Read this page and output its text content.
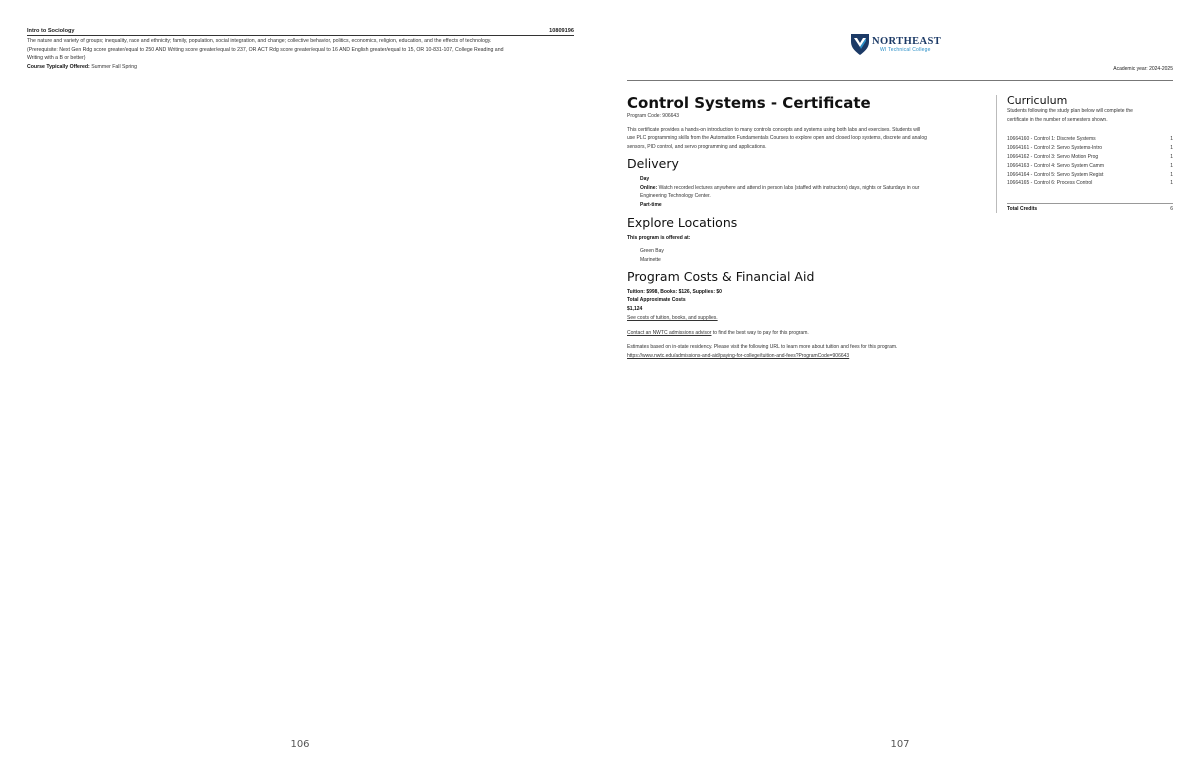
Intro to Sociology	10809196
The nature and variety of groups; inequality, race and ethnicity; family, population, social integration, and change; collective behavior, politics, economics, religion, education, and the effects of technology.
(Prerequisite: Next Gen Rdg score greater/equal to 250 AND Writing score greater/equal to 237, OR ACT Rdg score greater/equal to 16 AND English greater/equal to 15, OR 10-831-107, College Reading and
Writing with a B or better)
Course Typically Offered: Summer Fall Spring
106
NORTHEAST
WI Technical College
Academic year: 2024-2025
Control Systems - Certificate
Program Code: 906643
This certificate provides a hands-on introduction to many controls concepts and systems using both labs and exercises. Students will
use PLC programming skills from the Automation Fundamentals Courses to explore open and closed loop systems, discrete and analog
sensors, PID control, and servo programming and applications.
Delivery
Day
Online: Watch recorded lectures anywhere and attend in person labs (staffed with instructors) days, nights or Saturdays in our
Engineering Technology Center.
Part-time
Explore Locations
This program is offered at:
Green Bay
Marinette
Program Costs & Financial Aid
Tuition: $998, Books: $126, Supplies: $0
Total Approximate Costs
$1,124
See costs of tuition, books, and supplies.
Contact an NWTC admissions advisor to find the best way to pay for this program.
Estimates based on in-state residency. Please visit the following URL to learn more about tuition and fees for this program.
https://www.nwtc.edu/admissions-and-aid/paying-for-college/tuition-and-fees?ProgramCode=906643
Curriculum
Students following the study plan below will complete the
certificate in the number of semesters shown.
10664160 - Control 1: Discrete Systems	1
10664161 - Control 2: Servo Systems-Intro	1
10664162 - Control 3: Servo Motion Prog	1
10664163 - Control 4: Servo System Camm	1
10664164 - Control 5: Servo System Regist	1
10664165 - Control 6: Process Control	1
Total Credits	6
107
